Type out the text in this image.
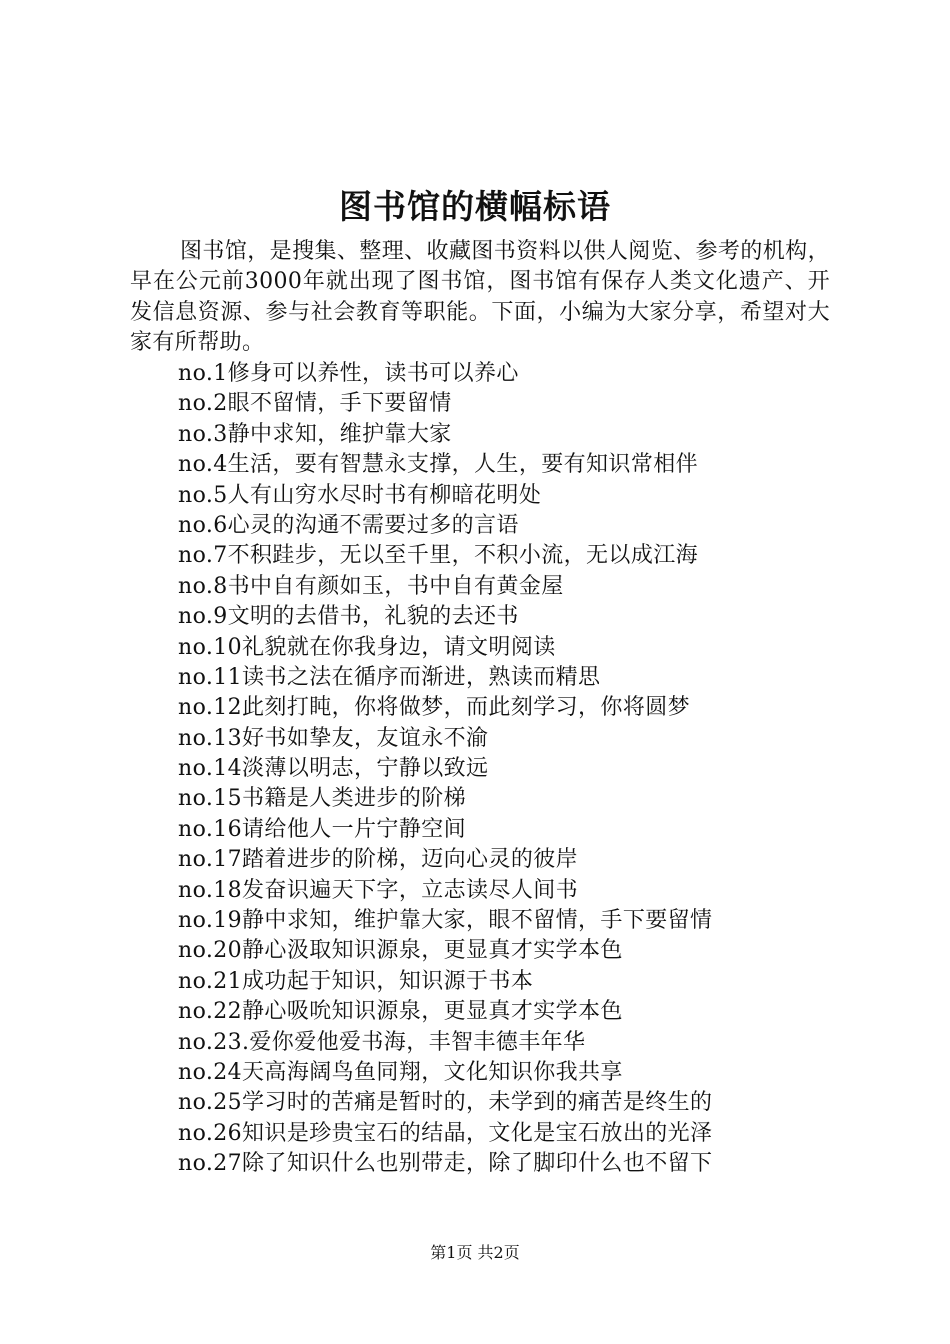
图书馆的横幅标语
图书馆，是搜集、整理、收藏图书资料以供人阅览、参考的机构，早在公元前3000年就出现了图书馆，图书馆有保存人类文化遗产、开发信息资源、参与社会教育等职能。下面，小编为大家分享，希望对大家有所帮助。
no.1修身可以养性，读书可以养心
no.2眼不留情，手下要留情
no.3静中求知，维护靠大家
no.4生活，要有智慧永支撑，人生，要有知识常相伴
no.5人有山穷水尽时书有柳暗花明处
no.6心灵的沟通不需要过多的言语
no.7不积跬步，无以至千里，不积小流，无以成江海
no.8书中自有颜如玉，书中自有黄金屋
no.9文明的去借书，礼貌的去还书
no.10礼貌就在你我身边，请文明阅读
no.11读书之法在循序而渐进，熟读而精思
no.12此刻打盹，你将做梦，而此刻学习，你将圆梦
no.13好书如挚友，友谊永不渝
no.14淡薄以明志，宁静以致远
no.15书籍是人类进步的阶梯
no.16请给他人一片宁静空间
no.17踏着进步的阶梯，迈向心灵的彼岸
no.18发奋识遍天下字，立志读尽人间书
no.19静中求知，维护靠大家，眼不留情，手下要留情
no.20静心汲取知识源泉，更显真才实学本色
no.21成功起于知识，知识源于书本
no.22静心吸吮知识源泉，更显真才实学本色
no.23.爱你爱他爱书海，丰智丰德丰年华
no.24天高海阔鸟鱼同翔，文化知识你我共享
no.25学习时的苦痛是暂时的，未学到的痛苦是终生的
no.26知识是珍贵宝石的结晶，文化是宝石放出的光泽
no.27除了知识什么也别带走，除了脚印什么也不留下
第1页 共2页
